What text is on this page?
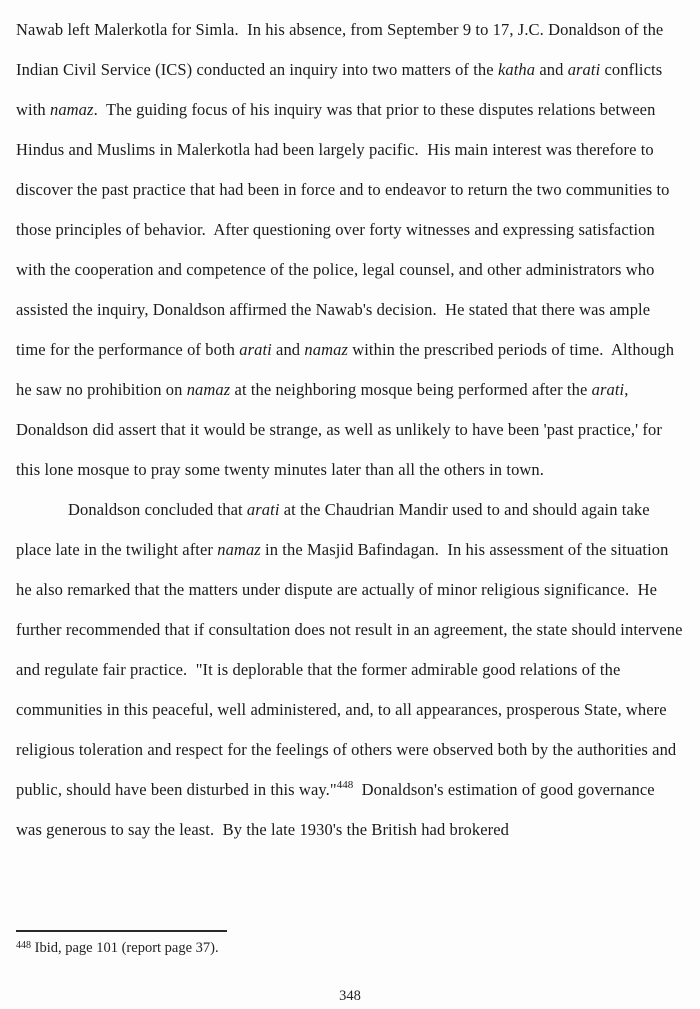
Nawab left Malerkotla for Simla.  In his absence, from September 9 to 17, J.C. Donaldson of the Indian Civil Service (ICS) conducted an inquiry into two matters of the katha and arati conflicts with namaz.  The guiding focus of his inquiry was that prior to these disputes relations between Hindus and Muslims in Malerkotla had been largely pacific.  His main interest was therefore to discover the past practice that had been in force and to endeavor to return the two communities to those principles of behavior.  After questioning over forty witnesses and expressing satisfaction with the cooperation and competence of the police, legal counsel, and other administrators who assisted the inquiry, Donaldson affirmed the Nawab's decision.  He stated that there was ample time for the performance of both arati and namaz within the prescribed periods of time.  Although he saw no prohibition on namaz at the neighboring mosque being performed after the arati, Donaldson did assert that it would be strange, as well as unlikely to have been 'past practice,' for this lone mosque to pray some twenty minutes later than all the others in town.

Donaldson concluded that arati at the Chaudrian Mandir used to and should again take place late in the twilight after namaz in the Masjid Bafindagan.  In his assessment of the situation he also remarked that the matters under dispute are actually of minor religious significance.  He further recommended that if consultation does not result in an agreement, the state should intervene and regulate fair practice.  "It is deplorable that the former admirable good relations of the communities in this peaceful, well administered, and, to all appearances, prosperous State, where religious toleration and respect for the feelings of others were observed both by the authorities and public, should have been disturbed in this way."$^{448}$  Donaldson's estimation of good governance was generous to say the least.  By the late 1930's the British had brokered

$^{448}$ Ibid, page 101 (report page 37).

348
